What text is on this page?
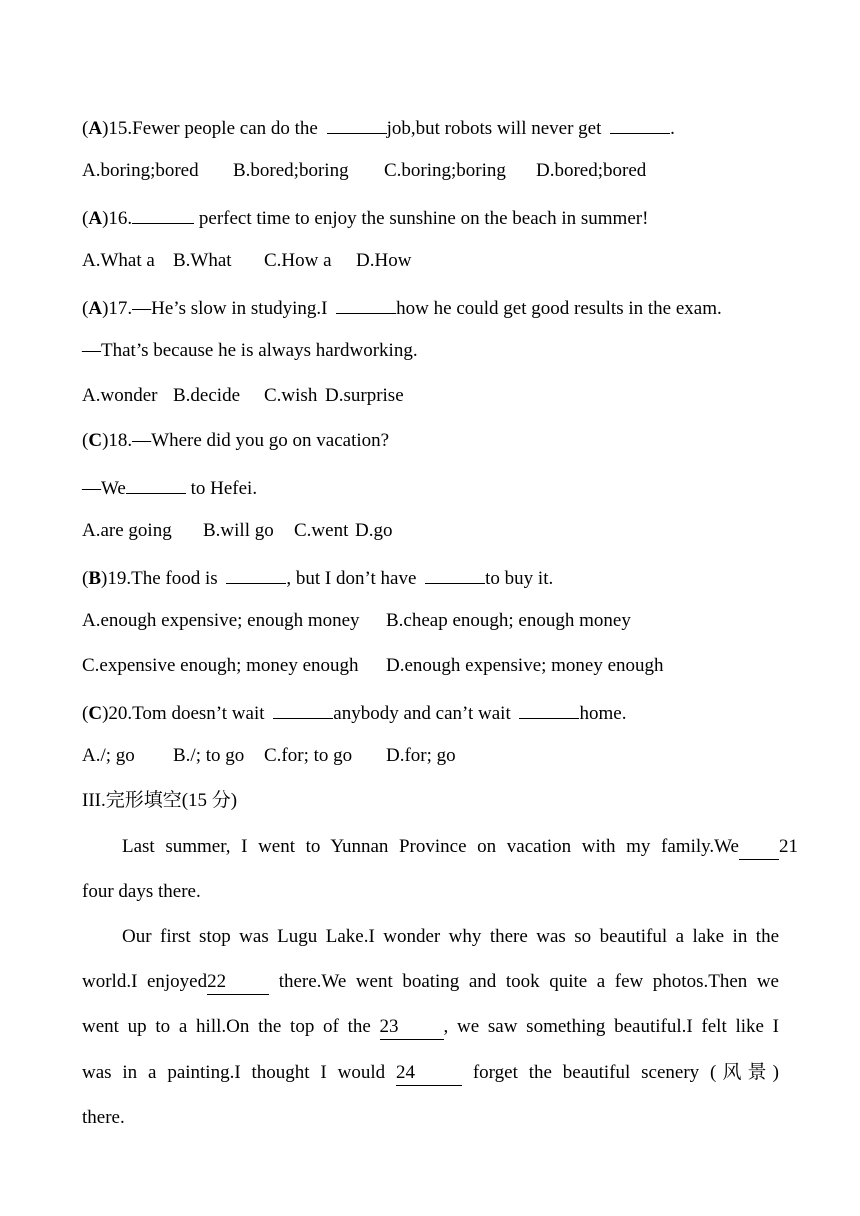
(A)15.Fewer people can do the	job,but robots will never get	.
A.boring;bored B.bored;boring C.boring;boring D.bored;bored
(A)16.	perfect time to enjoy the sunshine on the beach in summer!
A.What a B.What C.How a D.How
(A)17.—He’s slow in studying.I	how he could get good results in the exam.
—That’s because he is always hardworking.
A.wonder B.decide C.wish D.surprise
(C)18.—Where did you go on vacation?
—We	to Hefei.
A.are going B.will go C.went D.go
(B)19.The food is	, but I don’t have	to buy it.
A.enough expensive; enough money B.cheap enough; enough money
C.expensive enough; money enough D.enough expensive; money enough
(C)20.Tom doesn’t wait	anybody and can’t wait	home.
A./; go B./; to go C.for; to go D.for; go
III.完形填空(15 分)
Last summer, I went to Yunnan Province on vacation with my family.We 21
four days there.
Our first stop was Lugu Lake.I wonder why there was so beautiful a lake in the
world.I enjoyed22 there.We went boating and took quite a few photos.Then we
went up to a hill.On the top of the 23 , we saw something beautiful.I felt like I
was in a painting.I thought I would 24 forget the beautiful scenery (风景)
there.
